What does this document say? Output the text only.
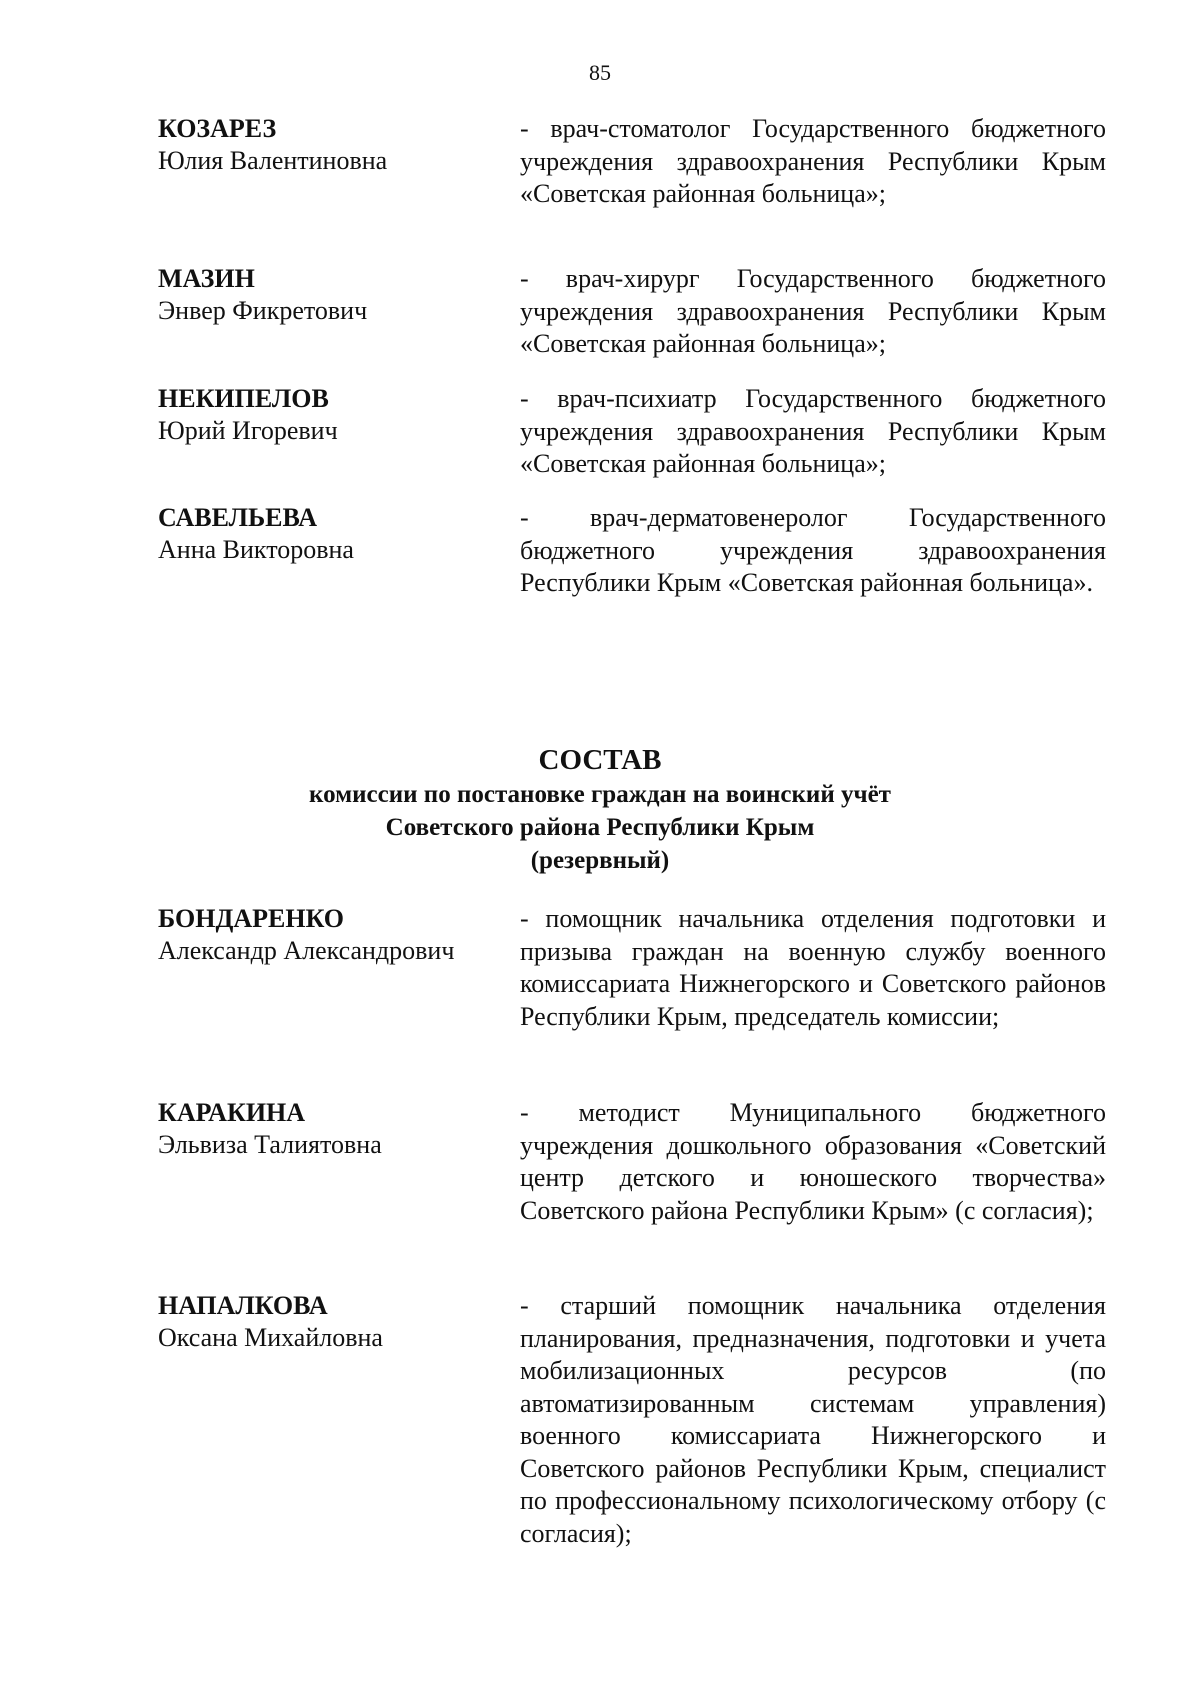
85
КОЗАРЕЗ
Юлия Валентиновна
- врач-стоматолог Государственного бюджетного учреждения здравоохранения Республики Крым «Советская районная больница»;
МАЗИН
Энвер Фикретович
- врач-хирург Государственного бюджетного учреждения здравоохранения Республики Крым «Советская районная больница»;
НЕКИПЕЛОВ
Юрий Игоревич
- врач-психиатр Государственного бюджетного учреждения здравоохранения Республики Крым «Советская районная больница»;
САВЕЛЬЕВА
Анна Викторовна
- врач-дерматовенеролог Государственного бюджетного учреждения здравоохранения Республики Крым «Советская районная больница».
СОСТАВ
комиссии по постановке граждан на воинский учёт
Советского района Республики Крым
(резервный)
БОНДАРЕНКО
Александр Александрович
- помощник начальника отделения подготовки и призыва граждан на военную службу военного комиссариата Нижнегорского и Советского районов Республики Крым, председатель комиссии;
КАРАКИНА
Эльвиза Талиятовна
- методист Муниципального бюджетного учреждения дошкольного образования «Советский центр детского и юношеского творчества» Советского района Республики Крым» (с согласия);
НАПАЛКОВА
Оксана Михайловна
- старший помощник начальника отделения планирования, предназначения, подготовки и учета мобилизационных ресурсов (по автоматизированным системам управления) военного комиссариата Нижнегорского и Советского районов Республики Крым, специалист по профессиональному психологическому отбору (с согласия);
